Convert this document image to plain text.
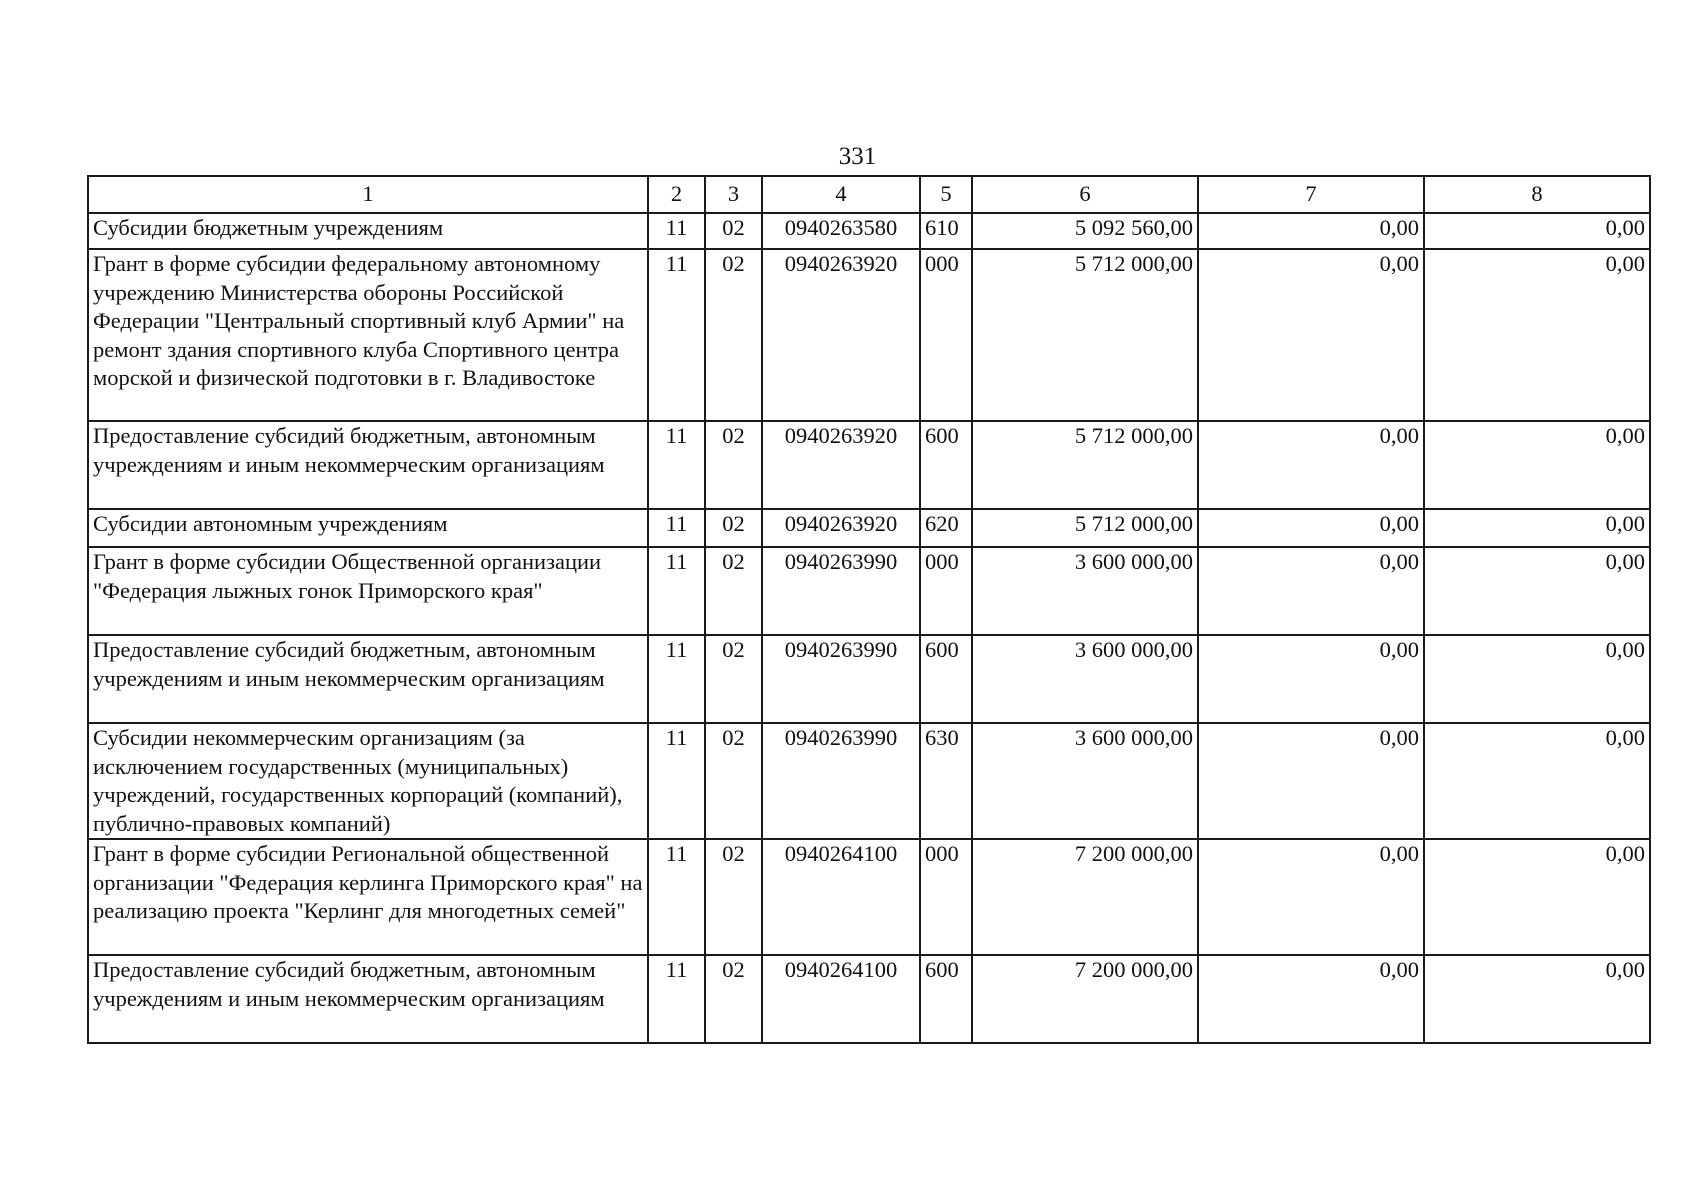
331
1	2	3	4	5	6	7	8
Субсидии бюджетным учреждениям	11	02	0940263580	610	5 092 560,00	0,00	0,00
Грант в форме субсидии федеральному автономному учреждению Министерства обороны Российской Федерации "Центральный спортивный клуб Армии" на ремонт здания спортивного клуба Спортивного центра морской и физической подготовки в г. Владивостоке	11	02	0940263920	000	5 712 000,00	0,00	0,00
Предоставление субсидий бюджетным, автономным учреждениям и иным некоммерческим организациям	11	02	0940263920	600	5 712 000,00	0,00	0,00
Субсидии автономным учреждениям	11	02	0940263920	620	5 712 000,00	0,00	0,00
Грант в форме субсидии Общественной организации "Федерация лыжных гонок Приморского края"	11	02	0940263990	000	3 600 000,00	0,00	0,00
Предоставление субсидий бюджетным, автономным учреждениям и иным некоммерческим организациям	11	02	0940263990	600	3 600 000,00	0,00	0,00
Субсидии некоммерческим организациям (за исключением государственных (муниципальных) учреждений, государственных корпораций (компаний), публично-правовых компаний)	11	02	0940263990	630	3 600 000,00	0,00	0,00
Грант в форме субсидии Региональной общественной организации "Федерация керлинга Приморского края" на реализацию проекта "Керлинг для многодетных семей"	11	02	0940264100	000	7 200 000,00	0,00	0,00
Предоставление субсидий бюджетным, автономным учреждениям и иным некоммерческим организациям	11	02	0940264100	600	7 200 000,00	0,00	0,00
